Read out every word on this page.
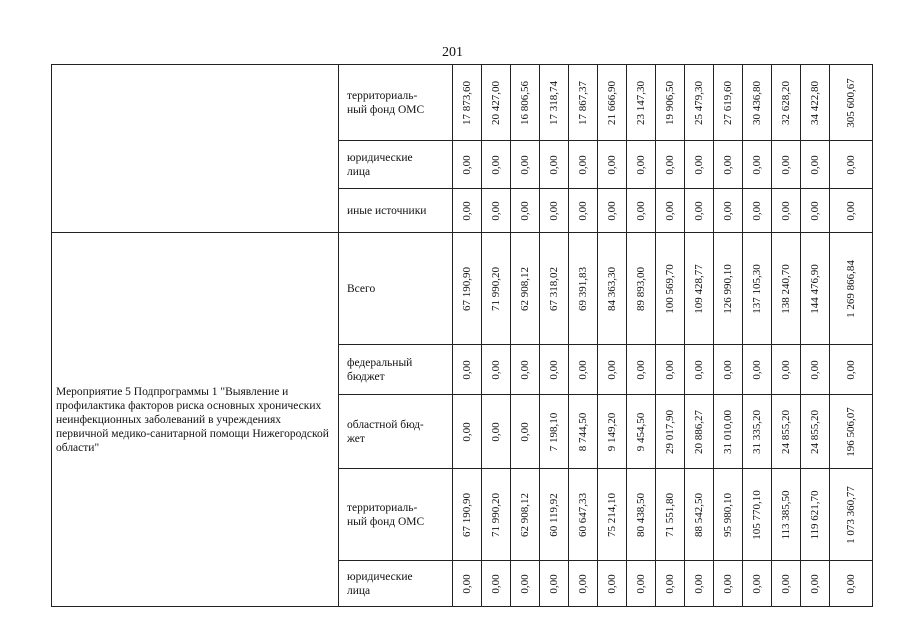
201
	территориаль-
ный фонд ОМС	17 873,60	20 427,00	16 806,56	17 318,74	17 867,37	21 666,90	23 147,30	19 906,50	25 479,30	27 619,60	30 436,80	32 628,20	34 422,80	305 600,67

	юридические
лица	0,00	0,00	0,00	0,00	0,00	0,00	0,00	0,00	0,00	0,00	0,00	0,00	0,00	0,00

	иные источники	0,00	0,00	0,00	0,00	0,00	0,00	0,00	0,00	0,00	0,00	0,00	0,00	0,00	0,00

Мероприятие 5 Подпрограммы 1 "Выявление и профилактика факторов риска основных хронических неинфекционных заболеваний в учреждениях первичной медико-санитарной помощи Нижегородской области"	Всего	67 190,90	71 990,20	62 908,12	67 318,02	69 391,83	84 363,30	89 893,00	100 569,70	109 428,77	126 990,10	137 105,30	138 240,70	144 476,90	1 269 866,84

	федеральный
бюджет	0,00	0,00	0,00	0,00	0,00	0,00	0,00	0,00	0,00	0,00	0,00	0,00	0,00	0,00

	областной бюд-
жет	0,00	0,00	0,00	7 198,10	8 744,50	9 149,20	9 454,50	29 017,90	20 886,27	31 010,00	31 335,20	24 855,20	24 855,20	196 506,07

	территориаль-
ный фонд ОМС	67 190,90	71 990,20	62 908,12	60 119,92	60 647,33	75 214,10	80 438,50	71 551,80	88 542,50	95 980,10	105 770,10	113 385,50	119 621,70	1 073 360,77

	юридические
лица	0,00	0,00	0,00	0,00	0,00	0,00	0,00	0,00	0,00	0,00	0,00	0,00	0,00	0,00
